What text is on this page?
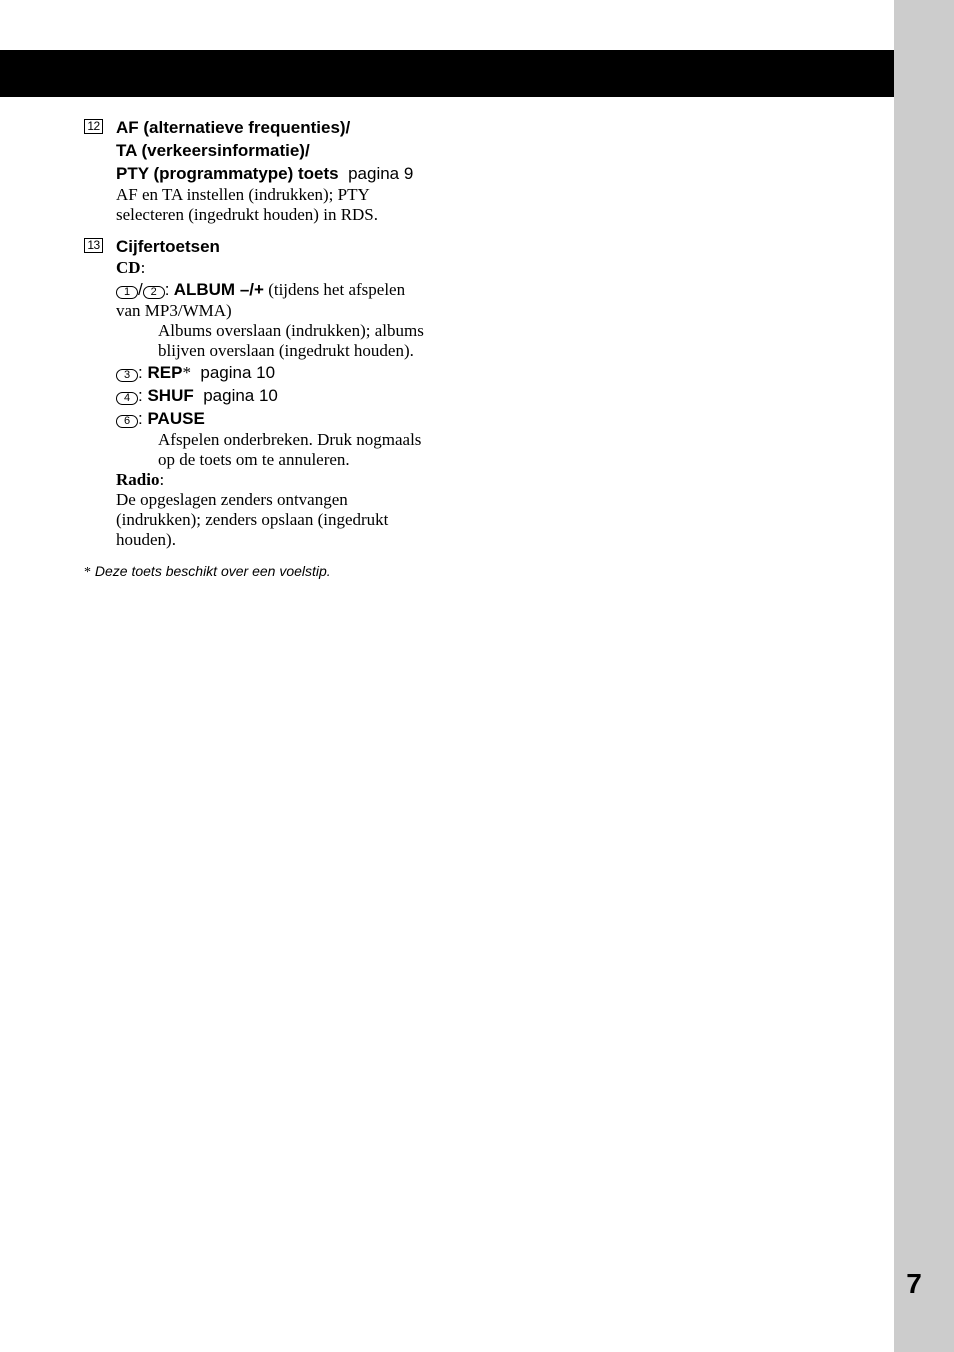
7
12 AF (alternatieve frequenties)/
TA (verkeersinformatie)/
PTY (programmatype) toets pagina 9
AF en TA instellen (indrukken); PTY
selecteren (ingedrukt houden) in RDS.
13 Cijfertoetsen
CD:
1 / 2 : ALBUM –/+ (tijdens het afspelen
van MP3/WMA)
Albums overslaan (indrukken); albums
blijven overslaan (ingedrukt houden).
3 : REP* pagina 10
4 : SHUF pagina 10
6 : PAUSE
Afspelen onderbreken. Druk nogmaals
op de toets om te annuleren.
Radio:
De opgeslagen zenders ontvangen
(indrukken); zenders opslaan (ingedrukt
houden).
* Deze toets beschikt over een voelstip.
